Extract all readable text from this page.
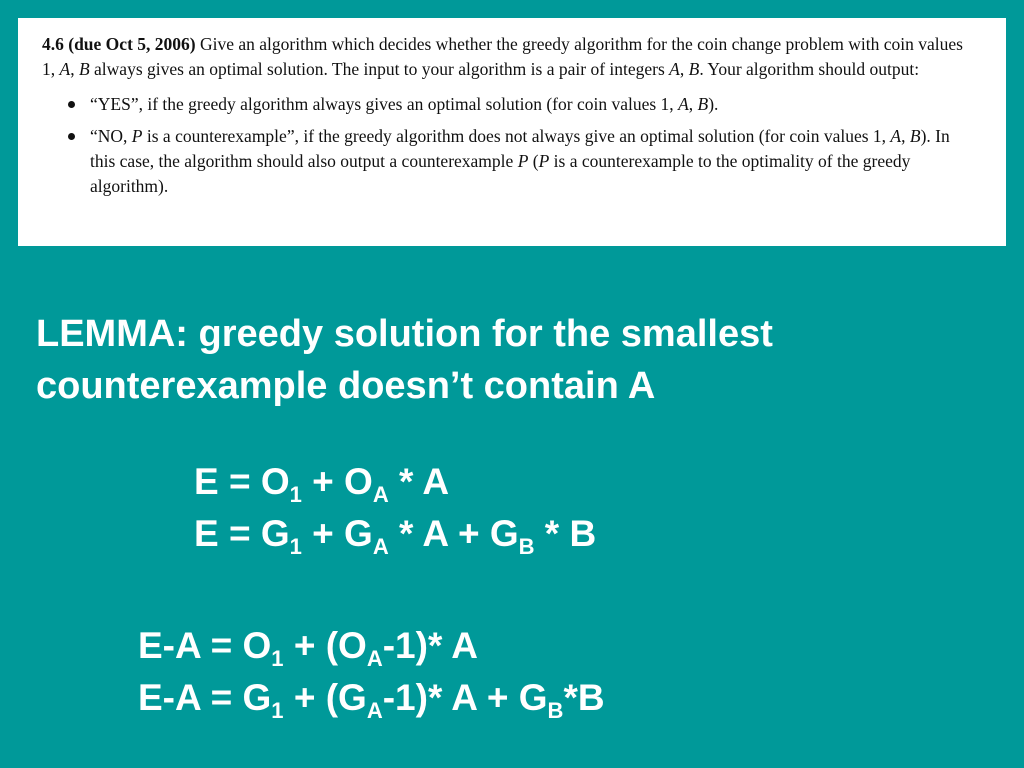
4.6 (due Oct 5, 2006) Give an algorithm which decides whether the greedy algorithm for the coin change problem with coin values 1, A, B always gives an optimal solution. The input to your algorithm is a pair of integers A, B. Your algorithm should output:

“YES”, if the greedy algorithm always gives an optimal solution (for coin values 1, A, B).
“NO, P is a counterexample”, if the greedy algorithm does not always give an optimal solution (for coin values 1, A, B). In this case, the algorithm should also output a counterexample P (P is a counterexample to the optimality of the greedy algorithm).
LEMMA: greedy solution for the smallest counterexample doesn’t contain A
$E = O_1 + O_A * A$
$E = G_1 + G_A * A + G_B * B$
$E-A = O_1 + (O_A-1)*$ A
$E-A = G_1 + (G_A-1)*$ $A + G_B*B$
